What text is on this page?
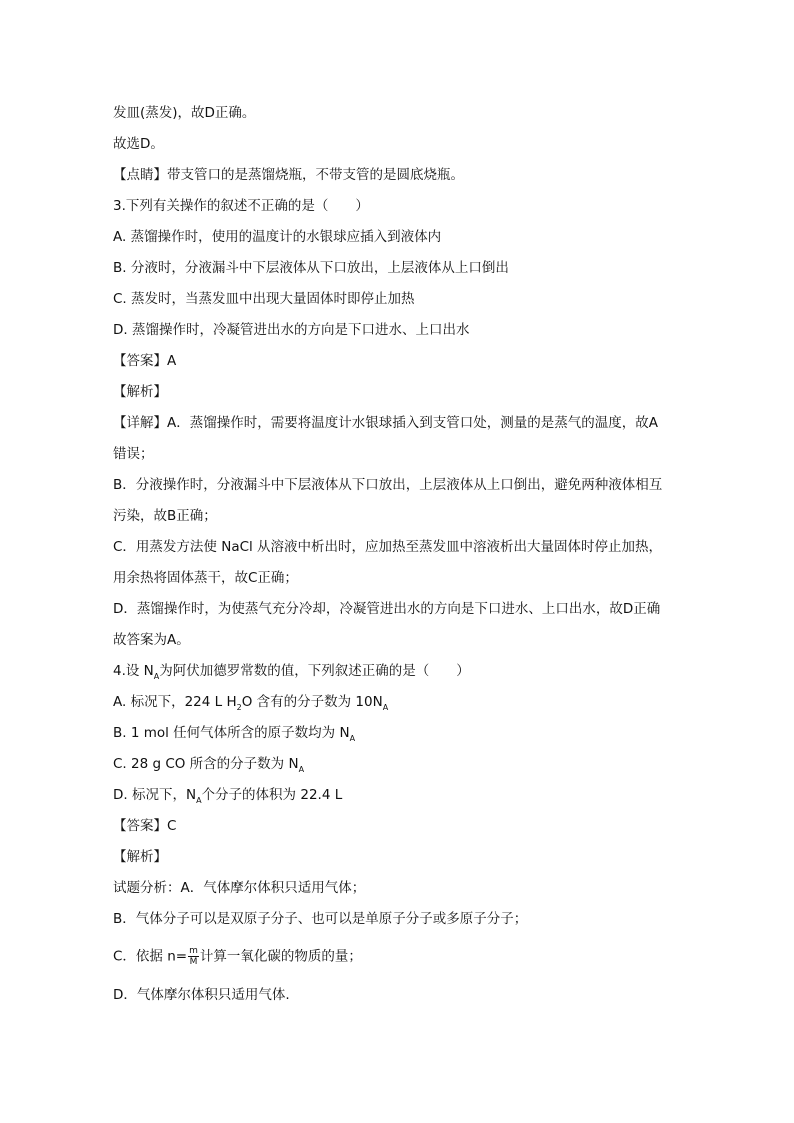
发皿(蒸发)，故D正确。
故选D。
【点睛】带支管口的是蒸馏烧瓶，不带支管的是圆底烧瓶。
3.下列有关操作的叙述不正确的是（　　）
A. 蒸馏操作时，使用的温度计的水银球应插入到液体内
B. 分液时，分液漏斗中下层液体从下口放出，上层液体从上口倒出
C. 蒸发时，当蒸发皿中出现大量固体时即停止加热
D. 蒸馏操作时，冷凝管进出水的方向是下口进水、上口出水
【答案】A
【解析】
【详解】A．蒸馏操作时，需要将温度计水银球插入到支管口处，测量的是蒸气的温度，故A
错误；
B．分液操作时，分液漏斗中下层液体从下口放出，上层液体从上口倒出，避免两种液体相互
污染，故B正确；
C．用蒸发方法使 NaCl 从溶液中析出时，应加热至蒸发皿中溶液析出大量固体时停止加热，
用余热将固体蒸干，故C正确；
D．蒸馏操作时，为使蒸气充分冷却，冷凝管进出水的方向是下口进水、上口出水，故D正确
故答案为A。
4.设 $N_A$为阿伏加德罗常数的值，下列叙述正确的是（　　）
A. 标况下，224 L $H_2O$ 含有的分子数为 $10N_A$
B. 1 mol 任何气体所含的原子数均为 $N_A$
C. 28 g CO 所含的分子数为 $N_A$
D. 标况下，$N_A$个分子的体积为 22.4 L
【答案】C
【解析】
试题分析：A．气体摩尔体积只适用气体；
B．气体分子可以是双原子分子、也可以是单原子分子或多原子分子；
C．依据 $n= \frac{m}{M}$ 计算一氧化碳的物质的量；
D．气体摩尔体积只适用气体.
